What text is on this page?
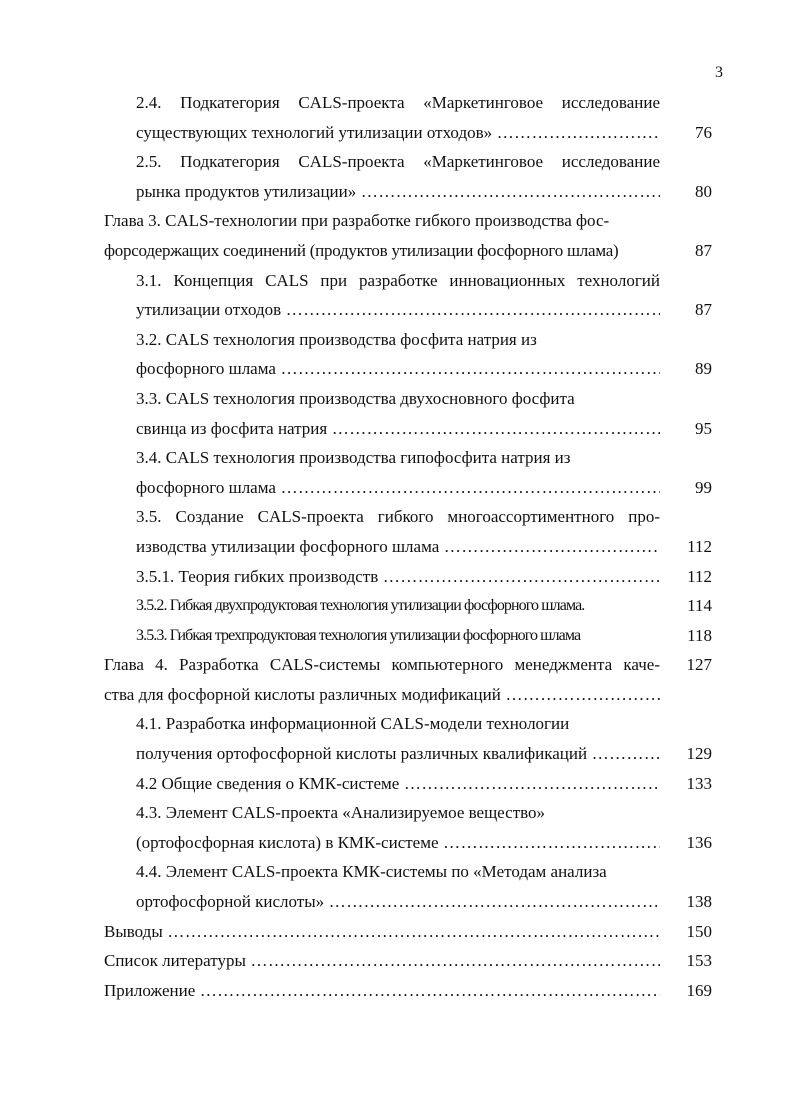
3
2.4. Подкатегория CALS-проекта «Маркетинговое исследование
существующих технологий утилизации отходов» …………………………………………………………………………………………………………………………………………………	76
2.5. Подкатегория CALS-проекта «Маркетинговое исследование
рынка продуктов утилизации» …………………………………………………………………………………………………………………………………………………	80
Глава 3. CALS-технологии при разработке гибкого производства фос-
форсодержащих соединений (продуктов утилизации фосфорного шлама)	87
3.1. Концепция CALS при разработке инновационных технологий
утилизации отходов …………………………………………………………………………………………………………………………………………………	87
3.2. CALS технология производства фосфита натрия из
фосфорного шлама …………………………………………………………………………………………………………………………………………………	89
3.3. CALS технология производства двухосновного фосфита
свинца из фосфита натрия …………………………………………………………………………………………………………………………………………………	95
3.4. CALS технология производства гипофосфита натрия из
фосфорного шлама …………………………………………………………………………………………………………………………………………………	99
3.5. Создание CALS-проекта гибкого многоассортиментного про-
изводства утилизации фосфорного шлама …………………………………………………………………………………………………………………………………………………	112
3.5.1. Теория гибких производств …………………………………………………………………………………………………………………………………………………	112
3.5.2. Гибкая двухпродуктовая технология утилизации фосфорного шлама.	114
3.5.3. Гибкая трехпродуктовая технология утилизации фосфорного шлама	118
Глава 4. Разработка CALS-системы компьютерного менеджмента каче-	127
ства для фосфорной кислоты различных модификаций …………………………………………………………………………………………………………………………………………………
4.1. Разработка информационной CALS-модели технологии
получения ортофосфорной кислоты различных квалификаций …………………………………………………………………………………………………………………………………………………	129
4.2 Общие сведения о КМК-системе …………………………………………………………………………………………………………………………………………………	133
4.3. Элемент CALS-проекта «Анализируемое вещество»
(ортофосфорная кислота) в КМК-системе …………………………………………………………………………………………………………………………………………………	136
4.4. Элемент CALS-проекта КМК-системы по «Методам анализа
ортофосфорной кислоты» …………………………………………………………………………………………………………………………………………………	138
Выводы …………………………………………………………………………………………………………………………………………………	150
Список литературы …………………………………………………………………………………………………………………………………………………	153
Приложение …………………………………………………………………………………………………………………………………………………	169
